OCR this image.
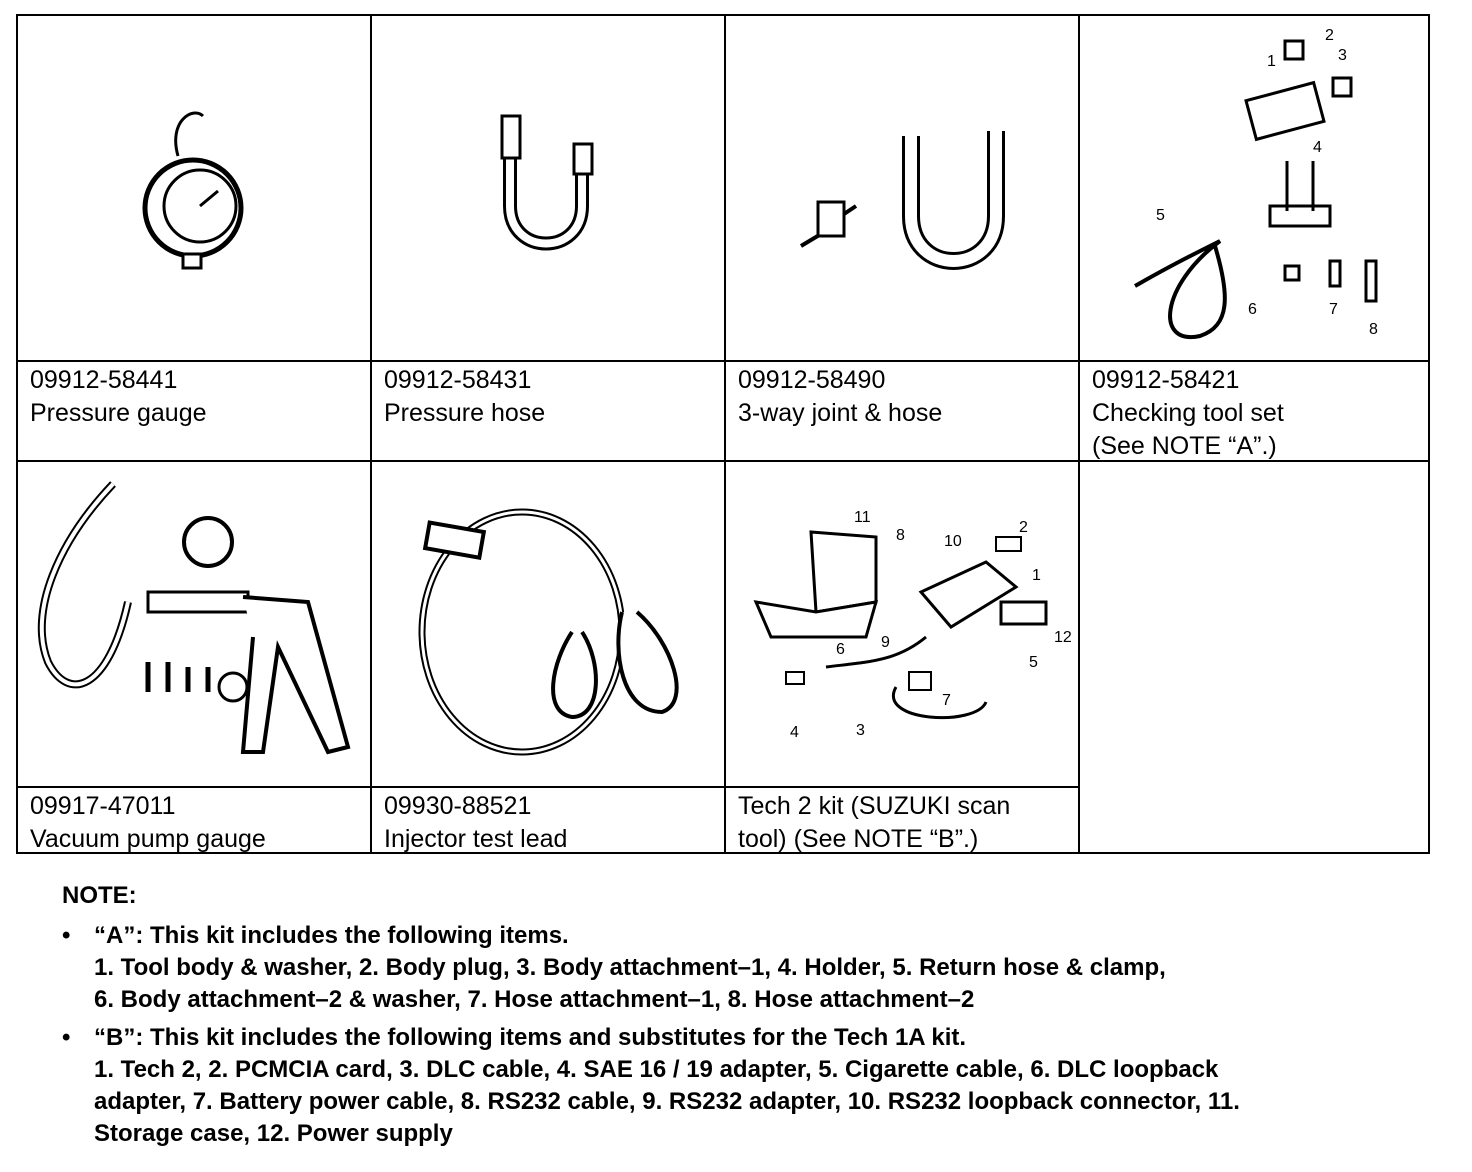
1
2
3
4
5
6	7
8
09912-58441
Pressure gauge
09912-58431
Pressure hose
09912-58490
3-way joint & hose
09912-58421
Checking tool set
(See NOTE “A”.)
11
8 10
2
1
12
6 9
5
7
4	3
09917-47011
Vacuum pump gauge
09930-88521
Injector test lead
Tech 2 kit (SUZUKI scan
tool) (See NOTE “B”.)
NOTE:
• “A”: This kit includes the following items.
1. Tool body & washer, 2. Body plug, 3. Body attachment–1, 4. Holder, 5. Return hose & clamp,
6. Body attachment–2 & washer, 7. Hose attachment–1, 8. Hose attachment–2
• “B”: This kit includes the following items and substitutes for the Tech 1A kit.
1. Tech 2, 2. PCMCIA card, 3. DLC cable, 4. SAE 16 / 19 adapter, 5. Cigarette cable, 6. DLC loopback
adapter, 7. Battery power cable, 8. RS232 cable, 9. RS232 adapter, 10. RS232 loopback connector, 11.
Storage case, 12. Power supply
